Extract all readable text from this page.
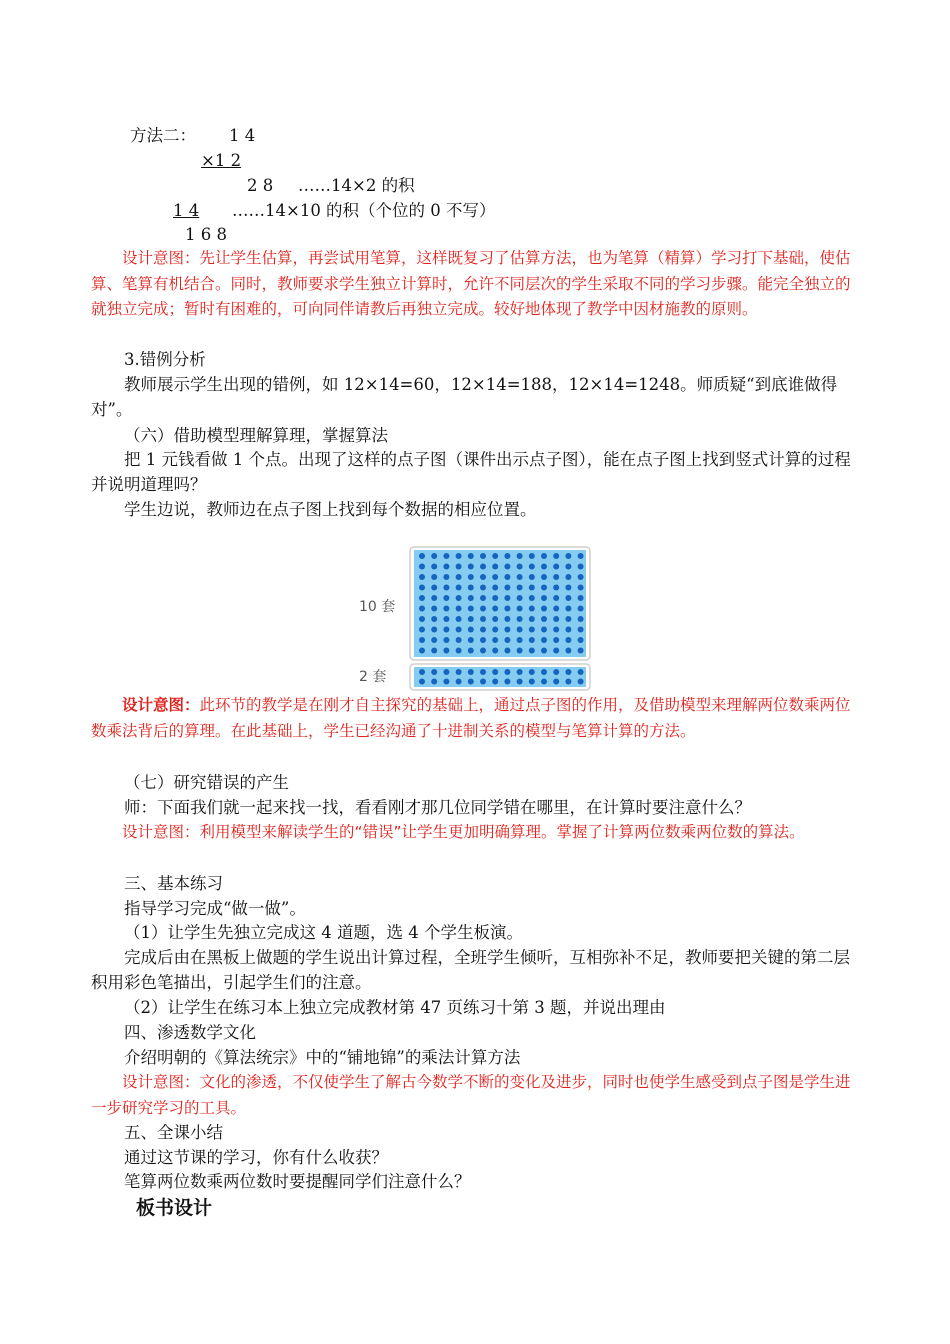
方法二： 1 4
×1 2
2 8 ……14×2 的积
1 4 ……14×10 的积（个位的 0 不写）
1 6 8
设计意图：先让学生估算，再尝试用笔算，这样既复习了估算方法，也为笔算（精算）学习打下基础，使估算、笔算有机结合。同时，教师要求学生独立计算时，允许不同层次的学生采取不同的学习步骤。能完全独立的就独立完成；暂时有困难的，可向同伴请教后再独立完成。较好地体现了教学中因材施教的原则。
3.错例分析
教师展示学生出现的错例，如 12×14=60，12×14=188，12×14=1248。师质疑“到底谁做得对”。
（六）借助模型理解算理，掌握算法
把 1 元钱看做 1 个点。出现了这样的点子图（课件出示点子图），能在点子图上找到竖式计算的过程并说明道理吗？
学生边说，教师边在点子图上找到每个数据的相应位置。
10 套
2 套
设计意图：此环节的教学是在刚才自主探究的基础上，通过点子图的作用，及借助模型来理解两位数乘两位数乘法背后的算理。在此基础上，学生已经沟通了十进制关系的模型与笔算计算的方法。
（七）研究错误的产生
师：下面我们就一起来找一找，看看刚才那几位同学错在哪里，在计算时要注意什么？
设计意图：利用模型来解读学生的“错误”让学生更加明确算理。掌握了计算两位数乘两位数的算法。
三、基本练习
指导学习完成“做一做”。
（1）让学生先独立完成这 4 道题，选 4 个学生板演。
完成后由在黑板上做题的学生说出计算过程，全班学生倾听，互相弥补不足，教师要把关键的第二层积用彩色笔描出，引起学生们的注意。
（2）让学生在练习本上独立完成教材第 47 页练习十第 3 题，并说出理由
四、渗透数学文化
介绍明朝的《算法统宗》中的“铺地锦”的乘法计算方法
设计意图：文化的渗透，不仅使学生了解古今数学不断的变化及进步，同时也使学生感受到点子图是学生进一步研究学习的工具。
五、全课小结
通过这节课的学习，你有什么收获？
笔算两位数乘两位数时要提醒同学们注意什么？
板书设计
